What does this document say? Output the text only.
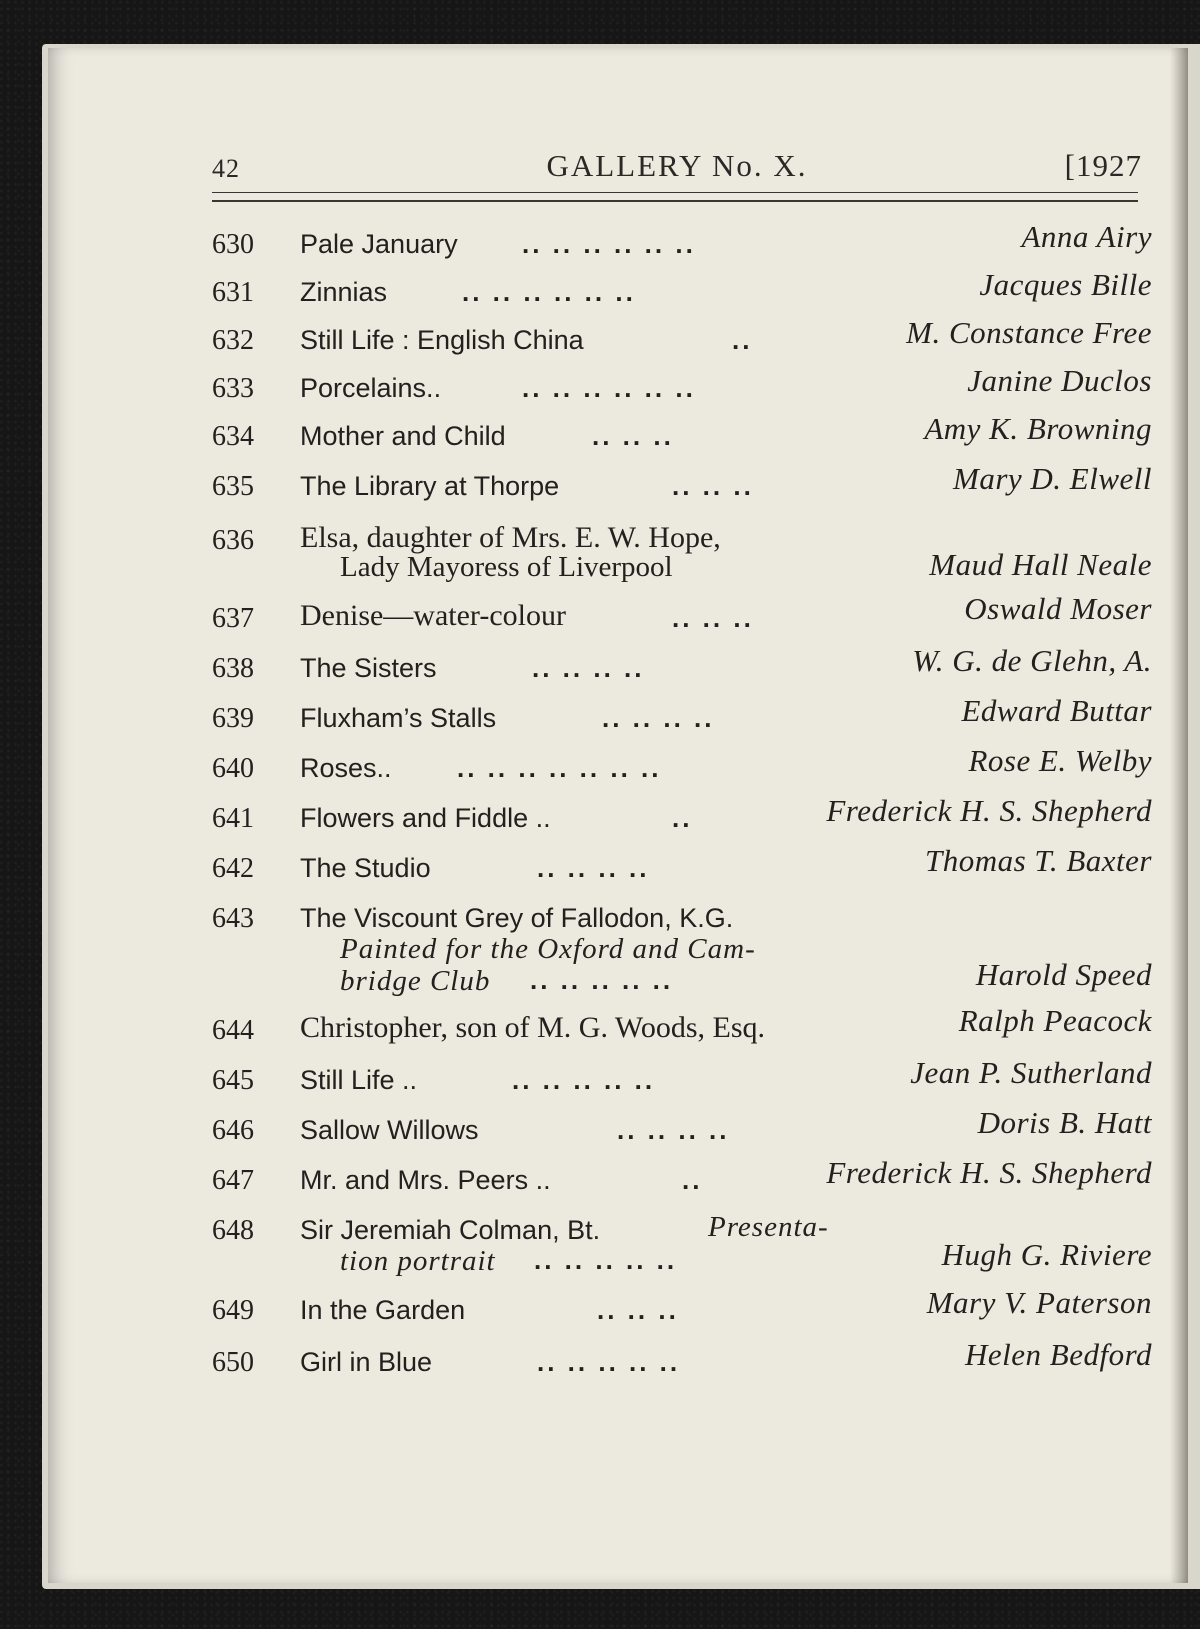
42	GALLERY No. X.	[1927
630 Pale January .. .. .. .. .. ..	Anna Airy
631 Zinnias	.. .. .. .. .. ..	Jacques Bille
632 Still Life : English China	..	M. Constance Free
633 Porcelains..	.. .. .. .. .. ..	Janine Duclos
634 Mother and Child	.. .. ..	Amy K. Browning
635 The Library at Thorpe	.. .. ..	Mary D. Elwell
636 Elsa, daughter of Mrs. E. W. Hope,
Lady Mayoress of Liverpool	Maud Hall Neale
637 Denise—water-colour	.. .. ..	Oswald Moser
638 The Sisters	.. .. .. ..	W. G. de Glehn, A.
639 Fluxham’s Stalls	.. .. .. ..	Edward Buttar
640 Roses..	.. .. .. .. .. .. ..	Rose E. Welby
641 Flowers and Fiddle ..	..	Frederick H. S. Shepherd
642 The Studio	.. .. .. ..	Thomas T. Baxter
643 The Viscount Grey of Fallodon, K.G.
Painted for the Oxford and Cam-
bridge Club .. .. .. .. ..	Harold Speed
644 Christopher, son of M. G. Woods, Esq.	Ralph Peacock
645 Still Life ..	.. .. .. .. ..	Jean P. Sutherland
646 Sallow Willows	.. .. .. ..	Doris B. Hatt
647 Mr. and Mrs. Peers ..	..	Frederick H. S. Shepherd
648 Sir Jeremiah Colman, Bt.	Presenta-
tion portrait .. .. .. .. ..	Hugh G. Riviere
649 In the Garden	.. .. ..	Mary V. Paterson
650 Girl in Blue	.. .. .. .. ..	Helen Bedford
